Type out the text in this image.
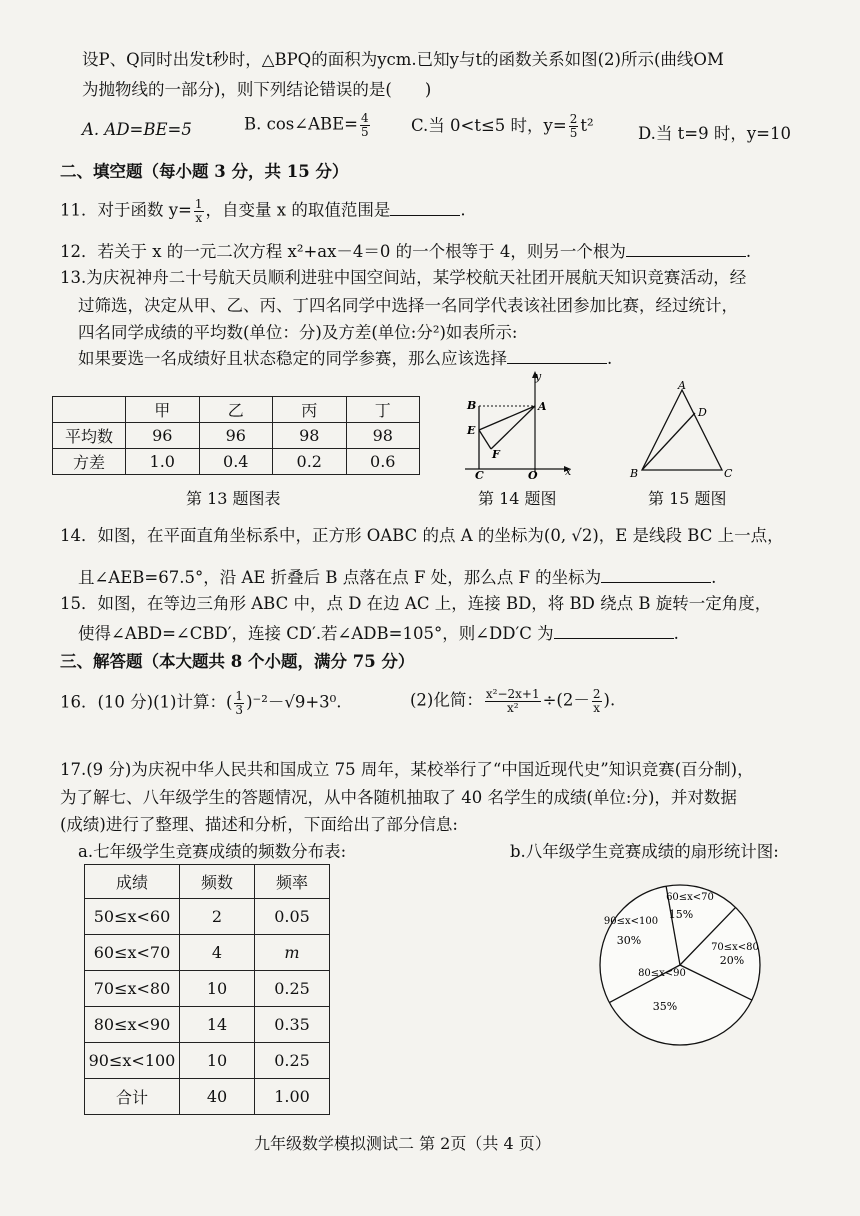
设P、Q同时出发t秒时，△BPQ的面积为ycm.已知y与t的函数关系如图(2)所示(曲线OM
为抛物线的一部分)，则下列结论错误的是(　　)
A. AD=BE=5	B. cos∠ABE= $\frac{4}{5}$	C.当 0<t≤5 时，$y= \frac{2}{5} t^2$	D.当 t=9 时，y=10
二、填空题（每小题 3 分，共 15 分）
11．对于函数 $y= \frac{1}{x}$ ，自变量 x 的取值范围是	.
12．若关于 x 的一元二次方程 x²+ax－4＝0 的一个根等于 4，则另一个根为	.
13.为庆祝神舟二十号航天员顺利进驻中国空间站，某学校航天社团开展航天知识竞赛活动，经
过筛选，决定从甲、乙、丙、丁四名同学中选择一名同学代表该社团参加比赛，经过统计，
四名同学成绩的平均数(单位：分)及方差(单位:分²)如表所示:
如果要选一名成绩好且状态稳定的同学参赛，那么应该选择	.
	甲	乙	丙	丁
平均数	96	96	98	98
方差	1.0	0.4	0.2	0.6
第 13 题图表
y
x
B	A
E
F
C	O
第 14 题图
A
D
B	C
第 15 题图
14．如图，在平面直角坐标系中，正方形 OABC 的点 A 的坐标为(0, √2)，E 是线段 BC 上一点，
且∠AEB=67.5°，沿 AE 折叠后 B 点落在点 F 处，那么点 F 的坐标为	.
15．如图，在等边三角形 ABC 中，点 D 在边 AC 上，连接 BD，将 BD 绕点 B 旋转一定角度，
使得∠ABD=∠CBD′，连接 CD′.若∠ADB=105°，则∠DD′C 为	.
三、解答题（本大题共 8 个小题，满分 75 分）
16．(10 分)(1)计算：( $\frac{1}{3} )^{-2}-√9+3^0$.	(2)化简： $\frac{\text{x²−2x+1}}{\text{x²}} \div(2- \frac{2}{x}$ ).
17.(9 分)为庆祝中华人民共和国成立 75 周年，某校举行了“中国近现代史”知识竞赛(百分制)，
为了解七、八年级学生的答题情况，从中各随机抽取了 40 名学生的成绩(单位:分)，并对数据
(成绩)进行了整理、描述和分析，下面给出了部分信息:
a.七年级学生竞赛成绩的频数分布表:	b.八年级学生竞赛成绩的扇形统计图:
成绩	频数	频率
50≤x<60	2	0.05
60≤x<70	4	m
70≤x<80	10	0.25
80≤x<90	14	0.35
90≤x<100	10	0.25
合计	40	1.00
60≤x<70
15%
70≤x<80
20%
80≤x<90
35%
90≤x<100
30%
九年级数学模拟测试二 第 2页（共 4 页）
